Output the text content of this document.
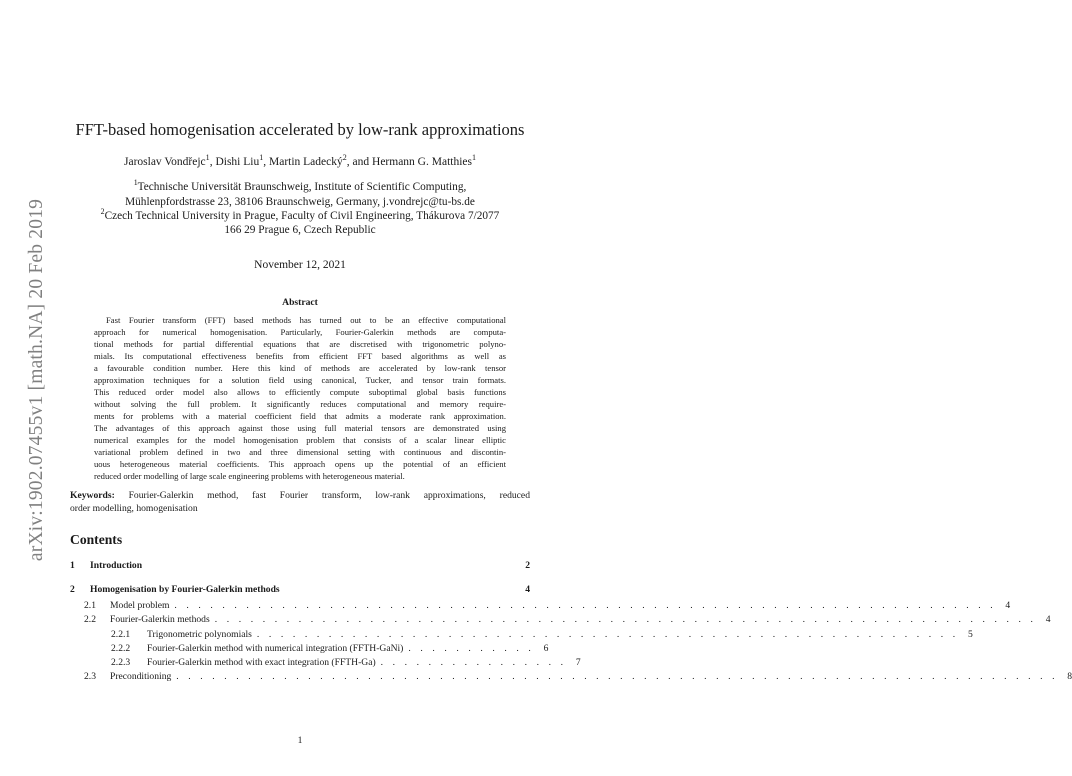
arXiv:1902.07455v1 [math.NA] 20 Feb 2019
FFT-based homogenisation accelerated by low-rank approximations
Jaroslav Vondřejc$^1$, Dishi Liu$^1$, Martin Ladecký$^2$, and Hermann G. Matthies$^1$
$^1$Technische Universität Braunschweig, Institute of Scientific Computing,
Mühlenpfordstrasse 23, 38106 Braunschweig, Germany, j.vondrejc@tu-bs.de
$^2$Czech Technical University in Prague, Faculty of Civil Engineering, Thákurova 7/2077
166 29 Prague 6, Czech Republic
November 12, 2021
Abstract
Fast Fourier transform (FFT) based methods has turned out to be an effective computational
approach for numerical homogenisation. Particularly, Fourier-Galerkin methods are computa-
tional methods for partial differential equations that are discretised with trigonometric polyno-
mials. Its computational effectiveness benefits from efficient FFT based algorithms as well as
a favourable condition number. Here this kind of methods are accelerated by low-rank tensor
approximation techniques for a solution field using canonical, Tucker, and tensor train formats.
This reduced order model also allows to efficiently compute suboptimal global basis functions
without solving the full problem. It significantly reduces computational and memory require-
ments for problems with a material coefficient field that admits a moderate rank approximation.
The advantages of this approach against those using full material tensors are demonstrated using
numerical examples for the model homogenisation problem that consists of a scalar linear elliptic
variational problem defined in two and three dimensional setting with continuous and discontin-
uous heterogeneous material coefficients. This approach opens up the potential of an efficient
reduced order modelling of large scale engineering problems with heterogeneous material.
Keywords: Fourier-Galerkin method, fast Fourier transform, low-rank approximations, reduced
order modelling, homogenisation
Contents
1	Introduction	2
2	Homogenisation by Fourier-Galerkin methods	4
2.1	Model problem . . . . . . . . . . . . . . . . . . . . . . . . . . . . . . . . . . . . . . . . . . . . . . . . . . . . . . . . . . . . . . . . . . . . . 4
2.2	Fourier-Galerkin methods . . . . . . . . . . . . . . . . . . . . . . . . . . . . . . . . . . . . . . . . . . . . . . . . . . . . . . . . . . . . . . . . . . . . . 4
2.2.1	Trigonometric polynomials . . . . . . . . . . . . . . . . . . . . . . . . . . . . . . . . . . . . . . . . . . . . . . . . . . . . . . . . . . . 5
2.2.2	Fourier-Galerkin method with numerical integration (FFTH-GaNi) . . . . . . . . . . . 6
2.2.3	Fourier-Galerkin method with exact integration (FFTH-Ga) . . . . . . . . . . . . . . . . 7
2.3	Preconditioning . . . . . . . . . . . . . . . . . . . . . . . . . . . . . . . . . . . . . . . . . . . . . . . . . . . . . . . . . . . . . . . . . . . . . . . . . . 8
1
